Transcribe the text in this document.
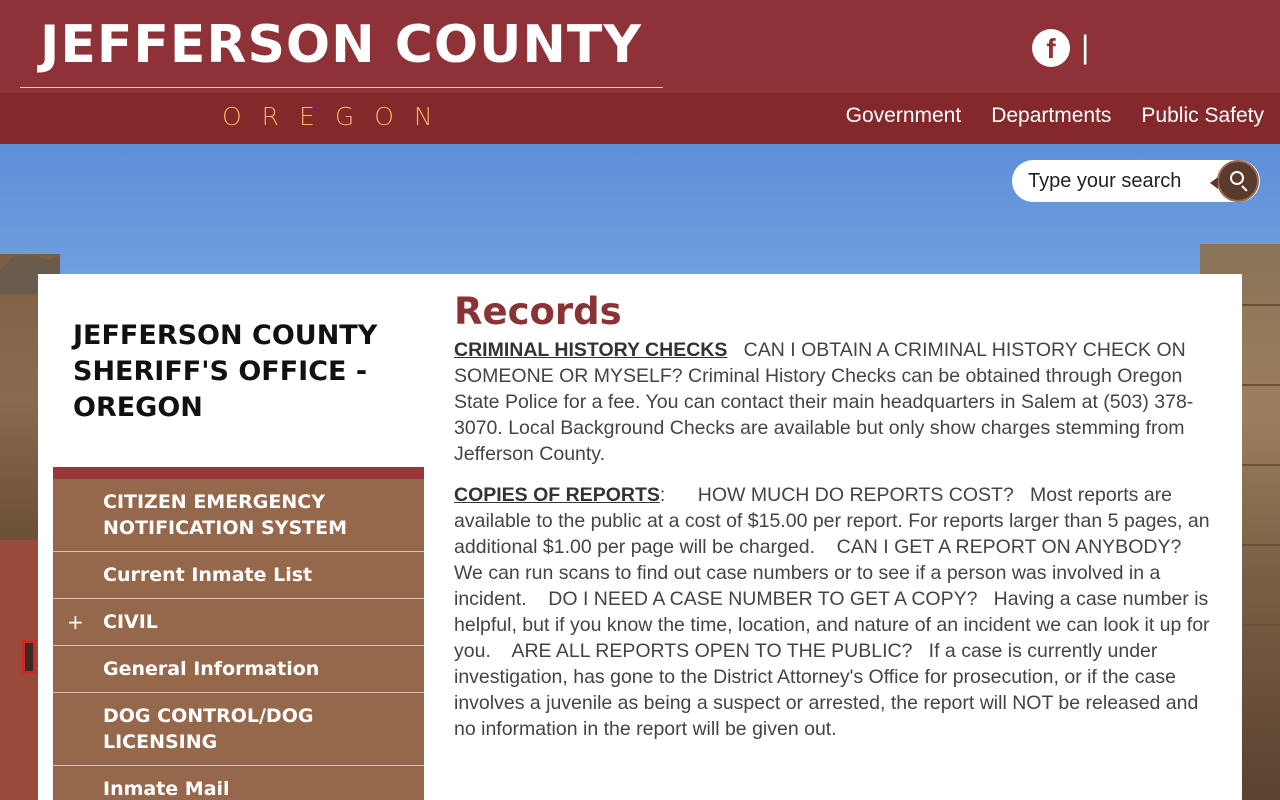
JEFFERSON COUNTY
OREGON
f |
Government Departments Public Safety
Type your search
JEFFERSON COUNTY SHERIFF'S OFFICE - OREGON
CITIZEN EMERGENCY NOTIFICATION SYSTEM
Current Inmate List
+ CIVIL
General Information
DOG CONTROL/DOG LICENSING
Inmate Mail
Records

CRIMINAL HISTORY CHECKS   CAN I OBTAIN A CRIMINAL HISTORY CHECK ON SOMEONE OR MYSELF? Criminal History Checks can be obtained through Oregon State Police for a fee. You can contact their main headquarters in Salem at (503) 378-3070. Local Background Checks are available but only show charges stemming from Jefferson County.

COPIES OF REPORTS:      HOW MUCH DO REPORTS COST?   Most reports are available to the public at a cost of $15.00 per report. For reports larger than 5 pages, an additional $1.00 per page will be charged.    CAN I GET A REPORT ON ANYBODY?   We can run scans to find out case numbers or to see if a person was involved in a incident.    DO I NEED A CASE NUMBER TO GET A COPY?   Having a case number is helpful, but if you know the time, location, and nature of an incident we can look it up for you.    ARE ALL REPORTS OPEN TO THE PUBLIC?   If a case is currently under investigation, has gone to the District Attorney's Office for prosecution, or if the case involves a juvenile as being a suspect or arrested, the report will NOT be released and no information in the report will be given out.
